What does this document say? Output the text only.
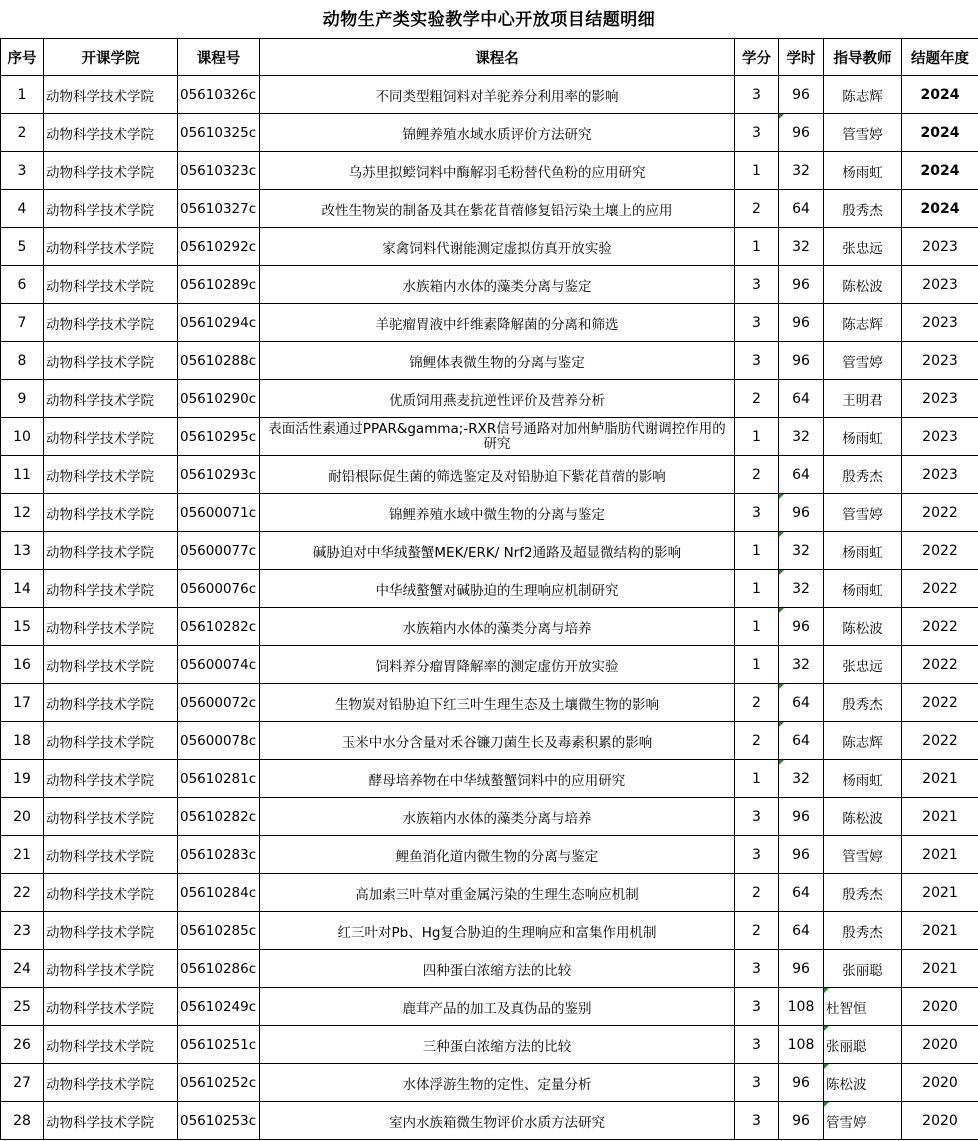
动物生产类实验教学中心开放项目结题明细
序号	开课学院	课程号	课程名	学分	学时	指导教师	结题年度
1	动物科学技术学院	05610326c	不同类型粗饲料对羊驼养分利用率的影响	3	96	陈志辉	2024
2	动物科学技术学院	05610325c	锦鲤养殖水域水质评价方法研究	3	96	管雪婷	2024
3	动物科学技术学院	05610323c	乌苏里拟鲿饲料中酶解羽毛粉替代鱼粉的应用研究	1	32	杨雨虹	2024
4	动物科学技术学院	05610327c	改性生物炭的制备及其在紫花苜蓿修复铅污染土壤上的应用	2	64	殷秀杰	2024
5	动物科学技术学院	05610292c	家禽饲料代谢能测定虚拟仿真开放实验	1	32	张忠远	2023
6	动物科学技术学院	05610289c	水族箱内水体的藻类分离与鉴定	3	96	陈松波	2023
7	动物科学技术学院	05610294c	羊驼瘤胃液中纤维素降解菌的分离和筛选	3	96	陈志辉	2023
8	动物科学技术学院	05610288c	锦鲤体表微生物的分离与鉴定	3	96	管雪婷	2023
9	动物科学技术学院	05610290c	优质饲用燕麦抗逆性评价及营养分析	2	64	王明君	2023
10	动物科学技术学院	05610295c	表面活性素通过PPAR&gamma;-RXR信号通路对加州鲈脂肪代谢调控作用的研究	1	32	杨雨虹	2023
11	动物科学技术学院	05610293c	耐铅根际促生菌的筛选鉴定及对铅胁迫下紫花苜蓿的影响	2	64	殷秀杰	2023
12	动物科学技术学院	05600071c	锦鲤养殖水域中微生物的分离与鉴定	3	96	管雪婷	2022
13	动物科学技术学院	05600077c	碱胁迫对中华绒螯蟹MEK/ERK/ Nrf2通路及超显微结构的影响	1	32	杨雨虹	2022
14	动物科学技术学院	05600076c	中华绒螯蟹对碱胁迫的生理响应机制研究	1	32	杨雨虹	2022
15	动物科学技术学院	05610282c	水族箱内水体的藻类分离与培养	1	96	陈松波	2022
16	动物科学技术学院	05600074c	饲料养分瘤胃降解率的测定虚仿开放实验	1	32	张忠远	2022
17	动物科学技术学院	05600072c	生物炭对铅胁迫下红三叶生理生态及土壤微生物的影响	2	64	殷秀杰	2022
18	动物科学技术学院	05600078c	玉米中水分含量对禾谷镰刀菌生长及毒素积累的影响	2	64	陈志辉	2022
19	动物科学技术学院	05610281c	酵母培养物在中华绒螯蟹饲料中的应用研究	1	32	杨雨虹	2021
20	动物科学技术学院	05610282c	水族箱内水体的藻类分离与培养	3	96	陈松波	2021
21	动物科学技术学院	05610283c	鲤鱼消化道内微生物的分离与鉴定	3	96	管雪婷	2021
22	动物科学技术学院	05610284c	高加索三叶草对重金属污染的生理生态响应机制	2	64	殷秀杰	2021
23	动物科学技术学院	05610285c	红三叶对Pb、Hg复合胁迫的生理响应和富集作用机制	2	64	殷秀杰	2021
24	动物科学技术学院	05610286c	四种蛋白浓缩方法的比较	3	96	张丽聪	2021
25	动物科学技术学院	05610249c	鹿茸产品的加工及真伪品的鉴别	3	108	杜智恒	2020
26	动物科学技术学院	05610251c	三种蛋白浓缩方法的比较	3	108	张丽聪	2020
27	动物科学技术学院	05610252c	水体浮游生物的定性、定量分析	3	96	陈松波	2020
28	动物科学技术学院	05610253c	室内水族箱微生物评价水质方法研究	3	96	管雪婷	2020
